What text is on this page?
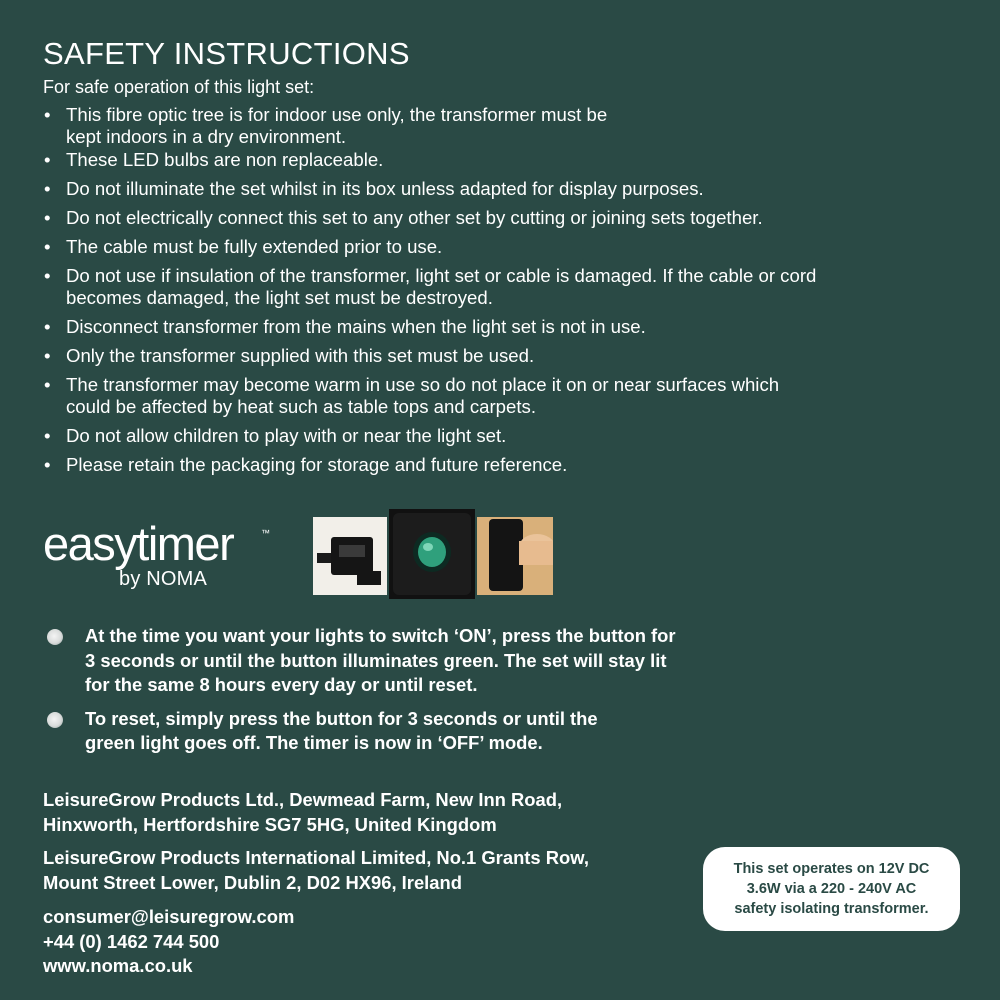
SAFETY INSTRUCTIONS
For safe operation of this light set:
• This fibre optic tree is for indoor use only, the transformer must be
kept indoors in a dry environment.
• These LED bulbs are non replaceable.
• Do not illuminate the set whilst in its box unless adapted for display purposes.
• Do not electrically connect this set to any other set by cutting or joining sets together.
• The cable must be fully extended prior to use.
• Do not use if insulation of the transformer, light set or cable is damaged. If the cable or cord
becomes damaged, the light set must be destroyed.
• Disconnect transformer from the mains when the light set is not in use.
• Only the transformer supplied with this set must be used.
• The transformer may become warm in use so do not place it on or near surfaces which
could be affected by heat such as table tops and carpets.
• Do not allow children to play with or near the light set.
• Please retain the packaging for storage and future reference.
easytimer	™
by NOMA
At the time you want your lights to switch ‘ON’, press the button for
3 seconds or until the button illuminates green. The set will stay lit
for the same 8 hours every day or until reset.
To reset, simply press the button for 3 seconds or until the
green light goes off. The timer is now in ‘OFF’ mode.
LeisureGrow Products Ltd., Dewmead Farm, New Inn Road,
Hinxworth, Hertfordshire SG7 5HG, United Kingdom
LeisureGrow Products International Limited, No.1 Grants Row,
Mount Street Lower, Dublin 2, D02 HX96, Ireland
consumer@leisuregrow.com
+44 (0) 1462 744 500
www.noma.co.uk
This set operates on 12V DC
3.6W via a 220 - 240V AC
safety isolating transformer.
